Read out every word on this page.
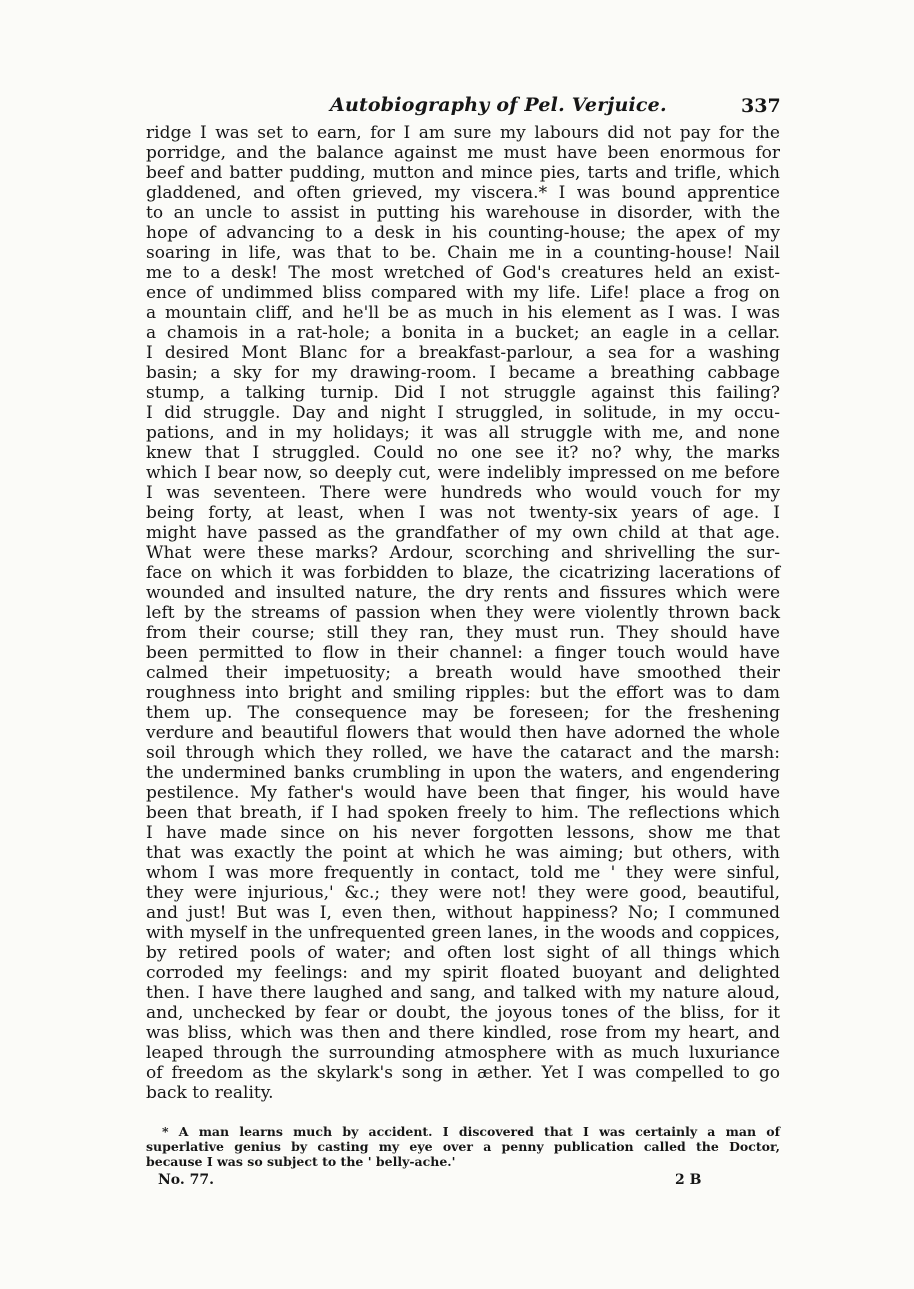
Autobiography of Pel. Verjuice.	337
ridge I was set to earn, for I am sure my labours did not pay for the
porridge, and the balance against me must have been enormous for
beef and batter pudding, mutton and mince pies, tarts and trifle, which
gladdened, and often grieved, my viscera.* I was bound apprentice
to an uncle to assist in putting his warehouse in disorder, with the
hope of advancing to a desk in his counting-house; the apex of my
soaring in life, was that to be. Chain me in a counting-house! Nail
me to a desk! The most wretched of God's creatures held an exist-
ence of undimmed bliss compared with my life. Life! place a frog on
a mountain cliff, and he'll be as much in his element as I was. I was
a chamois in a rat-hole; a bonita in a bucket; an eagle in a cellar.
I desired Mont Blanc for a breakfast-parlour, a sea for a washing
basin; a sky for my drawing-room. I became a breathing cabbage
stump, a talking turnip. Did I not struggle against this failing?
I did struggle. Day and night I struggled, in solitude, in my occu-
pations, and in my holidays; it was all struggle with me, and none
knew that I struggled. Could no one see it? no? why, the marks
which I bear now, so deeply cut, were indelibly impressed on me before
I was seventeen. There were hundreds who would vouch for my
being forty, at least, when I was not twenty-six years of age. I
might have passed as the grandfather of my own child at that age.
What were these marks? Ardour, scorching and shrivelling the sur-
face on which it was forbidden to blaze, the cicatrizing lacerations of
wounded and insulted nature, the dry rents and fissures which were
left by the streams of passion when they were violently thrown back
from their course; still they ran, they must run. They should have
been permitted to flow in their channel: a finger touch would have
calmed their impetuosity; a breath would have smoothed their
roughness into bright and smiling ripples: but the effort was to dam
them up. The consequence may be foreseen; for the freshening
verdure and beautiful flowers that would then have adorned the whole
soil through which they rolled, we have the cataract and the marsh:
the undermined banks crumbling in upon the waters, and engendering
pestilence. My father's would have been that finger, his would have
been that breath, if I had spoken freely to him. The reflections which
I have made since on his never forgotten lessons, show me that
that was exactly the point at which he was aiming; but others, with
whom I was more frequently in contact, told me ' they were sinful,
they were injurious,' &c.; they were not! they were good, beautiful,
and just! But was I, even then, without happiness? No; I communed
with myself in the unfrequented green lanes, in the woods and coppices,
by retired pools of water; and often lost sight of all things which
corroded my feelings: and my spirit floated buoyant and delighted
then. I have there laughed and sang, and talked with my nature aloud,
and, unchecked by fear or doubt, the joyous tones of the bliss, for it
was bliss, which was then and there kindled, rose from my heart, and
leaped through the surrounding atmosphere with as much luxuriance
of freedom as the skylark's song in æther. Yet I was compelled to go
back to reality.
* A man learns much by accident. I discovered that I was certainly a man of
superlative genius by casting my eye over a penny publication called the Doctor,
because I was so subject to the ' belly-ache.'
No. 77.	2 B
